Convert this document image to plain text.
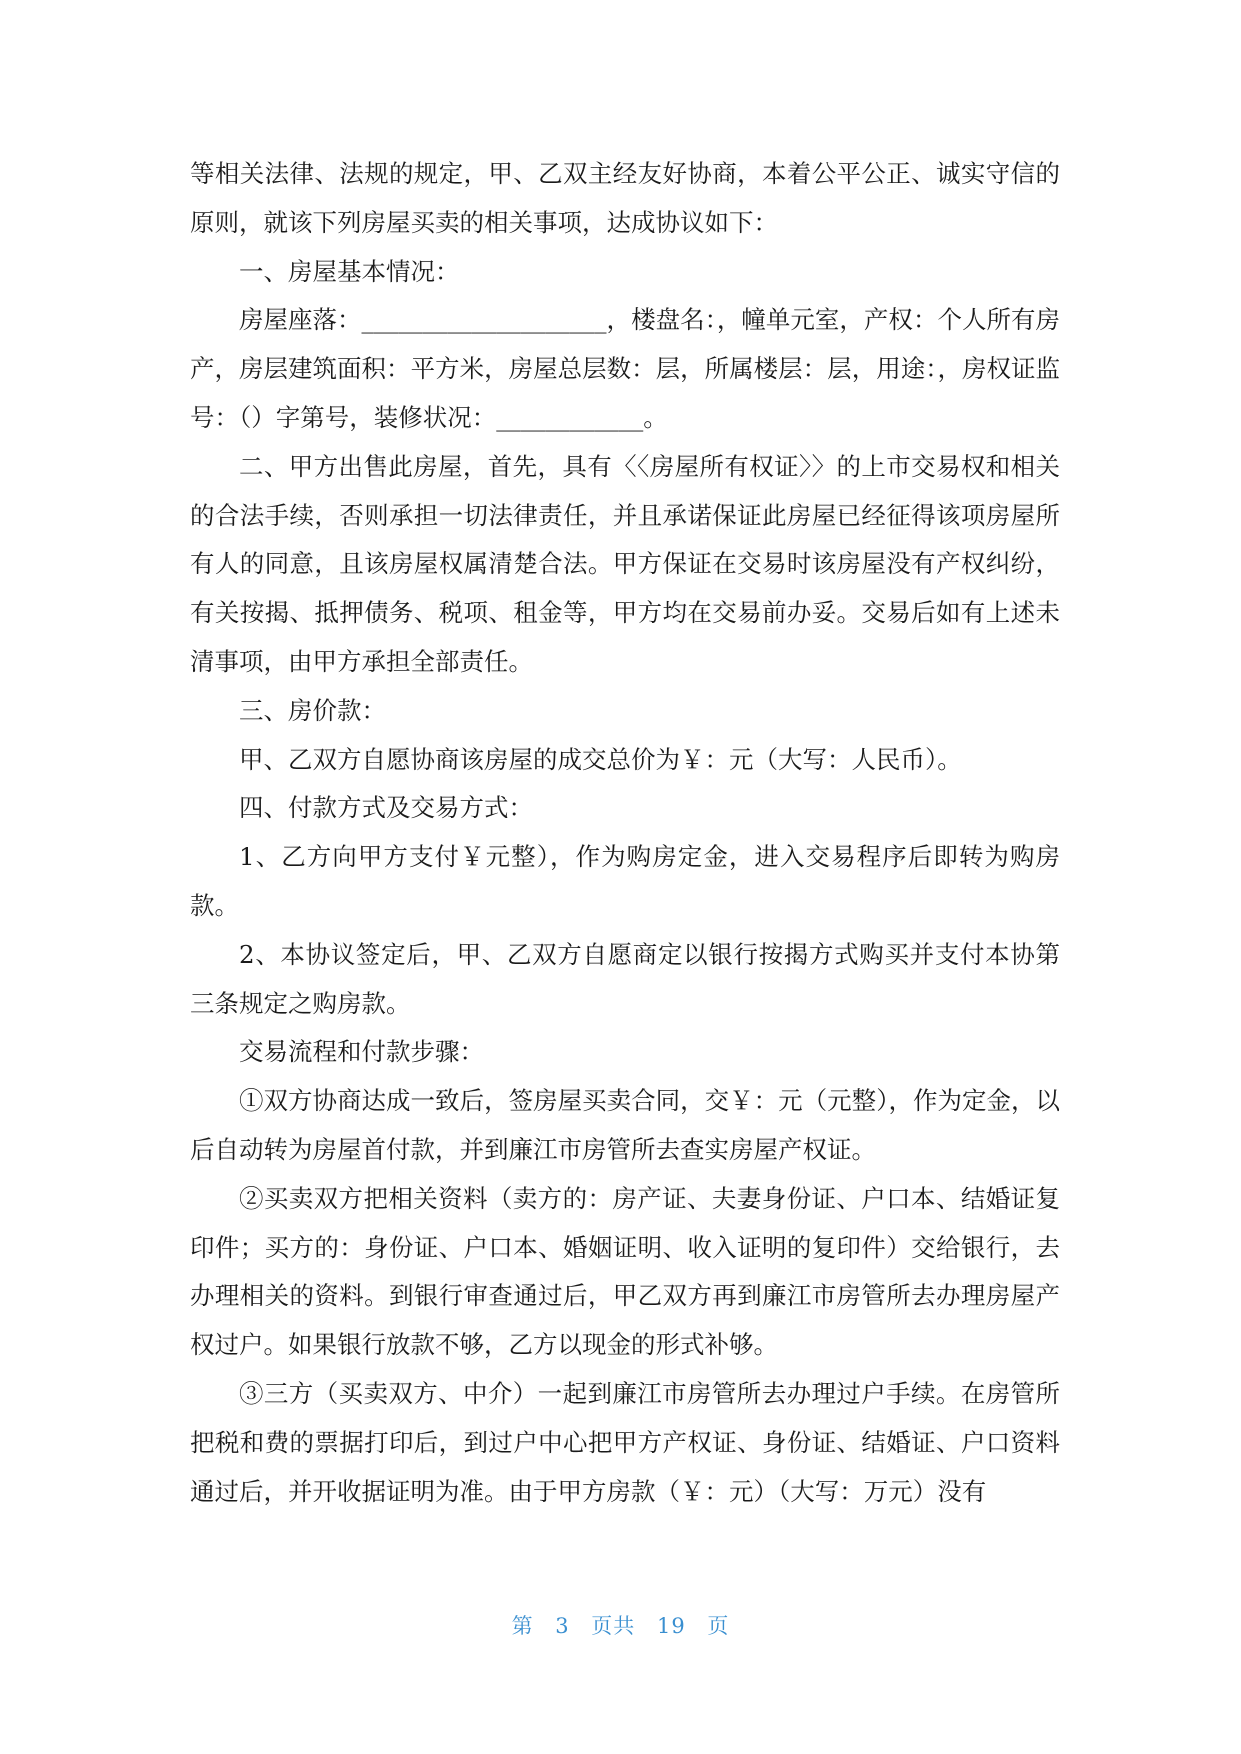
等相关法律、法规的规定，甲、乙双主经友好协商，本着公平公正、诚实守信的原则，就该下列房屋买卖的相关事项，达成协议如下：

一、房屋基本情况：

房屋座落：____________________，楼盘名：，幢单元室，产权：个人所有房产，房层建筑面积：平方米，房屋总层数：层，所属楼层：层，用途：，房权证监号：（）字第号，装修状况：____________。

二、甲方出售此房屋，首先，具有〈〈房屋所有权证〉〉的上市交易权和相关的合法手续，否则承担一切法律责任，并且承诺保证此房屋已经征得该项房屋所有人的同意，且该房屋权属清楚合法。甲方保证在交易时该房屋没有产权纠纷，有关按揭、抵押债务、税项、租金等，甲方均在交易前办妥。交易后如有上述未清事项，由甲方承担全部责任。

三、房价款：

甲、乙双方自愿协商该房屋的成交总价为￥：元（大写：人民币）。

四、付款方式及交易方式：

1、乙方向甲方支付￥元整），作为购房定金，进入交易程序后即转为购房款。

2、本协议签定后，甲、乙双方自愿商定以银行按揭方式购买并支付本协第三条规定之购房款。

交易流程和付款步骤：

①双方协商达成一致后，签房屋买卖合同，交￥：元（元整），作为定金，以后自动转为房屋首付款，并到廉江市房管所去查实房屋产权证。

②买卖双方把相关资料（卖方的：房产证、夫妻身份证、户口本、结婚证复印件；买方的：身份证、户口本、婚姻证明、收入证明的复印件）交给银行，去办理相关的资料。到银行审查通过后，甲乙双方再到廉江市房管所去办理房屋产权过户。如果银行放款不够，乙方以现金的形式补够。

③三方（买卖双方、中介）一起到廉江市房管所去办理过户手续。在房管所把税和费的票据打印后，到过户中心把甲方产权证、身份证、结婚证、户口资料通过后，并开收据证明为准。由于甲方房款（￥：元）（大写：万元）没有

第 3 页共 19 页
